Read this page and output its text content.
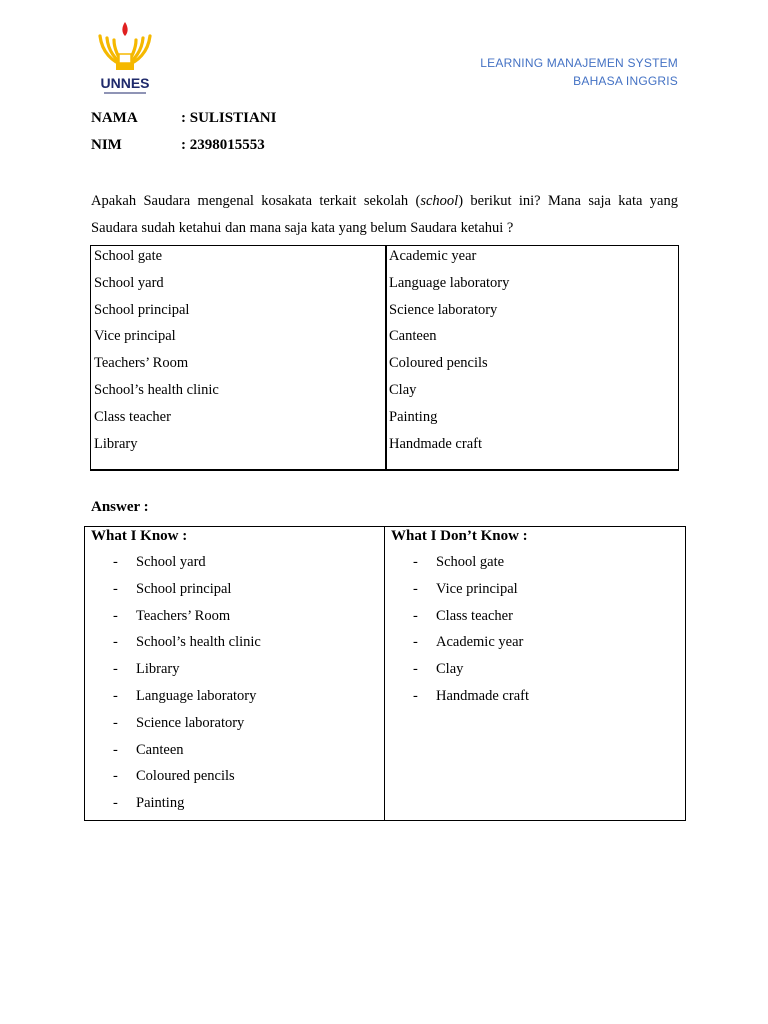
UNNES
LEARNING MANAJEMEN SYSTEM
BAHASA INGGRIS
NAMA	: SULISTIANI
NIM	: 2398015553
Apakah Saudara mengenal kosakata terkait sekolah (school) berikut ini? Mana saja kata yang Saudara sudah ketahui dan mana saja kata yang belum Saudara ketahui ?
School gate
School yard
School principal
Vice principal
Teachers’ Room
School’s health clinic
Class teacher
Library
Academic year
Language laboratory
Science laboratory
Canteen
Coloured pencils
Clay
Painting
Handmade craft
Answer :
What I Know :
- School yard
- School principal
- Teachers’ Room
- School’s health clinic
- Library
- Language laboratory
- Science laboratory
- Canteen
- Coloured pencils
- Painting
What I Don’t Know :
- School gate
- Vice principal
- Class teacher
- Academic year
- Clay
- Handmade craft
